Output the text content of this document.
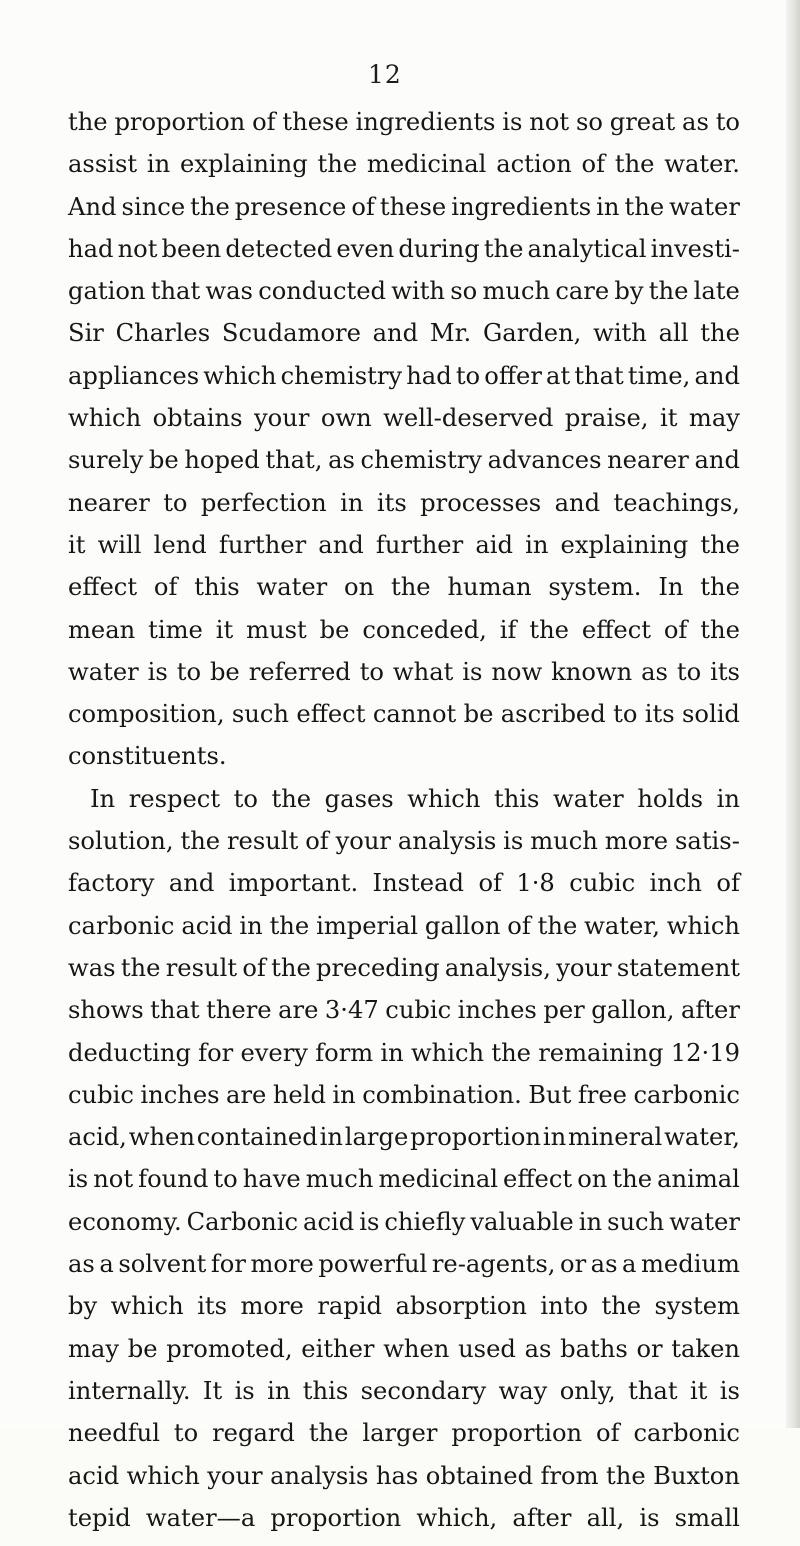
12
the proportion of these ingredients is not so great as to
assist in explaining the medicinal action of the water.
And since the presence of these ingredients in the water
had not been detected even during the analytical investi-
gation that was conducted with so much care by the late
Sir Charles Scudamore and Mr. Garden, with all the
appliances which chemistry had to offer at that time, and
which obtains your own well-deserved praise, it may
surely be hoped that, as chemistry advances nearer and
nearer to perfection in its processes and teachings,
it will lend further and further aid in explaining the
effect of this water on the human system. In the
mean time it must be conceded, if the effect of the
water is to be referred to what is now known as to its
composition, such effect cannot be ascribed to its solid
constituents.

In respect to the gases which this water holds in
solution, the result of your analysis is much more satis-
factory and important. Instead of 1·8 cubic inch of
carbonic acid in the imperial gallon of the water, which
was the result of the preceding analysis, your statement
shows that there are 3·47 cubic inches per gallon, after
deducting for every form in which the remaining 12·19
cubic inches are held in combination. But free carbonic
acid, when contained in large proportion in mineral water,
is not found to have much medicinal effect on the animal
economy. Carbonic acid is chiefly valuable in such water
as a solvent for more powerful re-agents, or as a medium
by which its more rapid absorption into the system
may be promoted, either when used as baths or taken
internally. It is in this secondary way only, that it is
needful to regard the larger proportion of carbonic
acid which your analysis has obtained from the Buxton
tepid water—a proportion which, after all, is small
